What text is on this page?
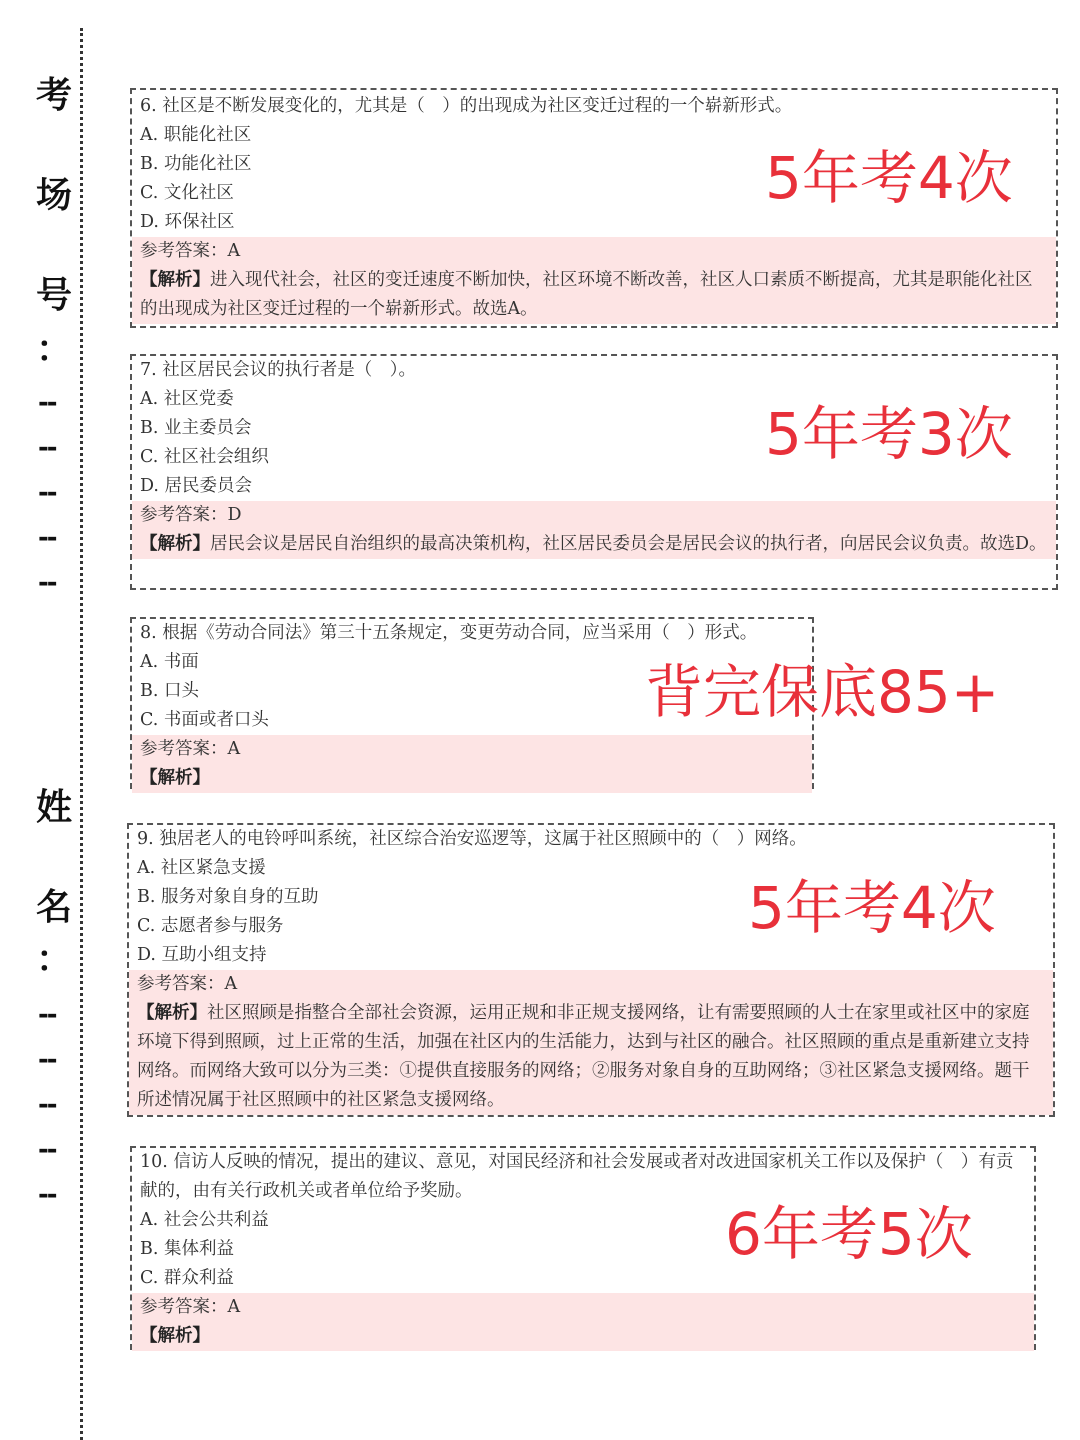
考
场
号
：
--
--
--
--
--
姓
名
：
--
--
--
--
--
6. 社区是不断发展变化的，尤其是（　）的出现成为社区变迁过程的一个崭新形式。
A. 职能化社区
B. 功能化社区
C. 文化社区
D. 环保社区
参考答案：A
【解析】进入现代社会，社区的变迁速度不断加快，社区环境不断改善，社区人口素质不断提高，尤其是职能化社区的出现成为社区变迁过程的一个崭新形式。故选A。
5年考4次
7. 社区居民会议的执行者是（　）。
A. 社区党委
B. 业主委员会
C. 社区社会组织
D. 居民委员会
参考答案：D
【解析】居民会议是居民自治组织的最高决策机构，社区居民委员会是居民会议的执行者，向居民会议负责。故选D。
5年考3次
8. 根据《劳动合同法》第三十五条规定，变更劳动合同，应当采用（　）形式。
A. 书面
B. 口头
C. 书面或者口头
参考答案：A
【解析】
背完保底85+
9. 独居老人的电铃呼叫系统，社区综合治安巡逻等，这属于社区照顾中的（　）网络。
A. 社区紧急支援
B. 服务对象自身的互助
C. 志愿者参与服务
D. 互助小组支持
参考答案：A
【解析】社区照顾是指整合全部社会资源，运用正规和非正规支援网络，让有需要照顾的人士在家里或社区中的家庭环境下得到照顾，过上正常的生活，加强在社区内的生活能力，达到与社区的融合。社区照顾的重点是重新建立支持网络。而网络大致可以分为三类：①提供直接服务的网络；②服务对象自身的互助网络；③社区紧急支援网络。题干所述情况属于社区照顾中的社区紧急支援网络。
5年考4次
10. 信访人反映的情况，提出的建议、意见，对国民经济和社会发展或者对改进国家机关工作以及保护（　）有贡献的，由有关行政机关或者单位给予奖励。
A. 社会公共利益
B. 集体利益
C. 群众利益
参考答案：A
【解析】
6年考5次
